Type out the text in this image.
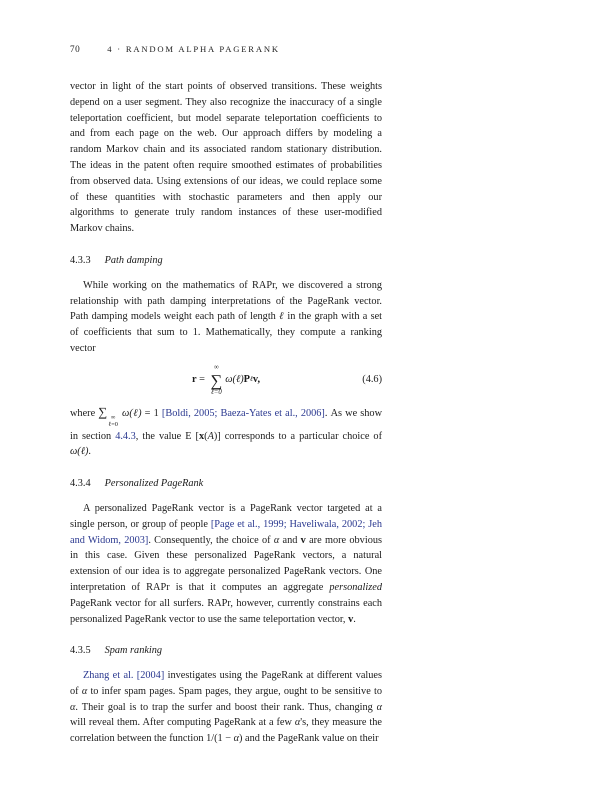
70	4 · RANDOM ALPHA PAGERANK

vector in light of the start points of observed transitions. These weights depend on a user segment. They also recognize the inaccuracy of a single teleportation coefficient, but model separate teleportation coefficients to and from each page on the web. Our approach differs by modeling a random Markov chain and its associated random stationary distribution. The ideas in the patent often require smoothed estimates of probabilities from observed data. Using extensions of our ideas, we could replace some of these quantities with stochastic parameters and then apply our algorithms to generate truly random instances of these user-modified Markov chains.

4.3.3 Path damping

While working on the mathematics of RAPr, we discovered a strong relationship with path damping interpretations of the PageRank vector. Path damping models weight each path of length ℓ in the graph with a set of coefficients that sum to 1. Mathematically, they compute a ranking vector

r =
∞
∑
ℓ=0
ω(ℓ) P ℓ v,	(4.6)

where ∑ ∞
ℓ=0
ω(ℓ) = 1 [Boldi, 2005; Baeza-Yates et al., 2006]. As we show in section 4.4.3, the value E [x(A)] corresponds to a particular choice of ω(ℓ).

4.3.4 Personalized PageRank

A personalized PageRank vector is a PageRank vector targeted at a single person, or group of people [Page et al., 1999; Haveliwala, 2002; Jeh and Widom, 2003]. Consequently, the choice of α and v are more obvious in this case. Given these personalized PageRank vectors, a natural extension of our idea is to aggregate personalized PageRank vectors. One interpretation of RAPr is that it computes an aggregate personalized PageRank vector for all surfers. RAPr, however, currently constrains each personalized PageRank vector to use the same teleportation vector, v.

4.3.5 Spam ranking

Zhang et al. [2004] investigates using the PageRank at different values of α to infer spam pages. Spam pages, they argue, ought to be sensitive to α. Their goal is to trap the surfer and boost their rank. Thus, changing α will reveal them. After computing PageRank at a few α's, they measure the correlation between the function 1/(1 − α) and the PageRank value on their
